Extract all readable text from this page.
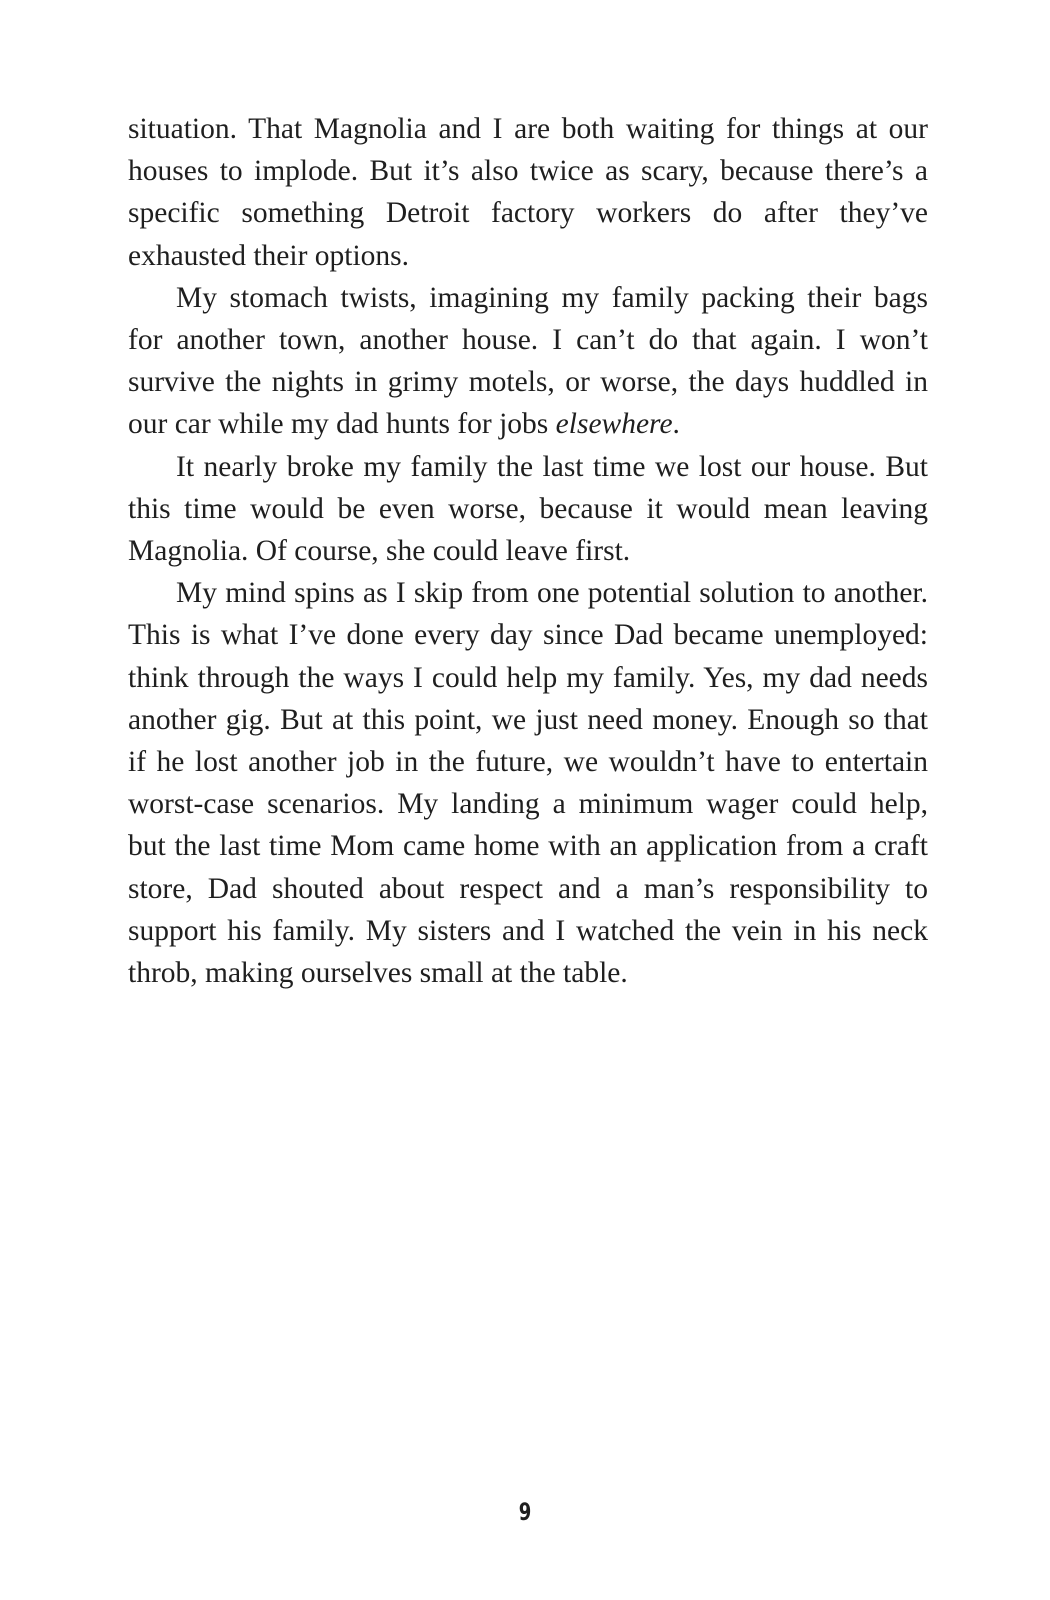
situation. That Magnolia and I are both waiting for things at our houses to implode. But it’s also twice as scary, because there’s a specific something Detroit factory workers do after they’ve exhausted their options.

My stomach twists, imagining my family packing their bags for another town, another house. I can’t do that again. I won’t survive the nights in grimy motels, or worse, the days huddled in our car while my dad hunts for jobs elsewhere.

It nearly broke my family the last time we lost our house. But this time would be even worse, because it would mean leaving Magnolia. Of course, she could leave first.

My mind spins as I skip from one potential solution to another. This is what I’ve done every day since Dad became unemployed: think through the ways I could help my family. Yes, my dad needs another gig. But at this point, we just need money. Enough so that if he lost another job in the future, we wouldn’t have to entertain worst-case scenarios. My landing a minimum wager could help, but the last time Mom came home with an application from a craft store, Dad shouted about respect and a man’s responsibility to support his family. My sisters and I watched the vein in his neck throb, making ourselves small at the table.

9
